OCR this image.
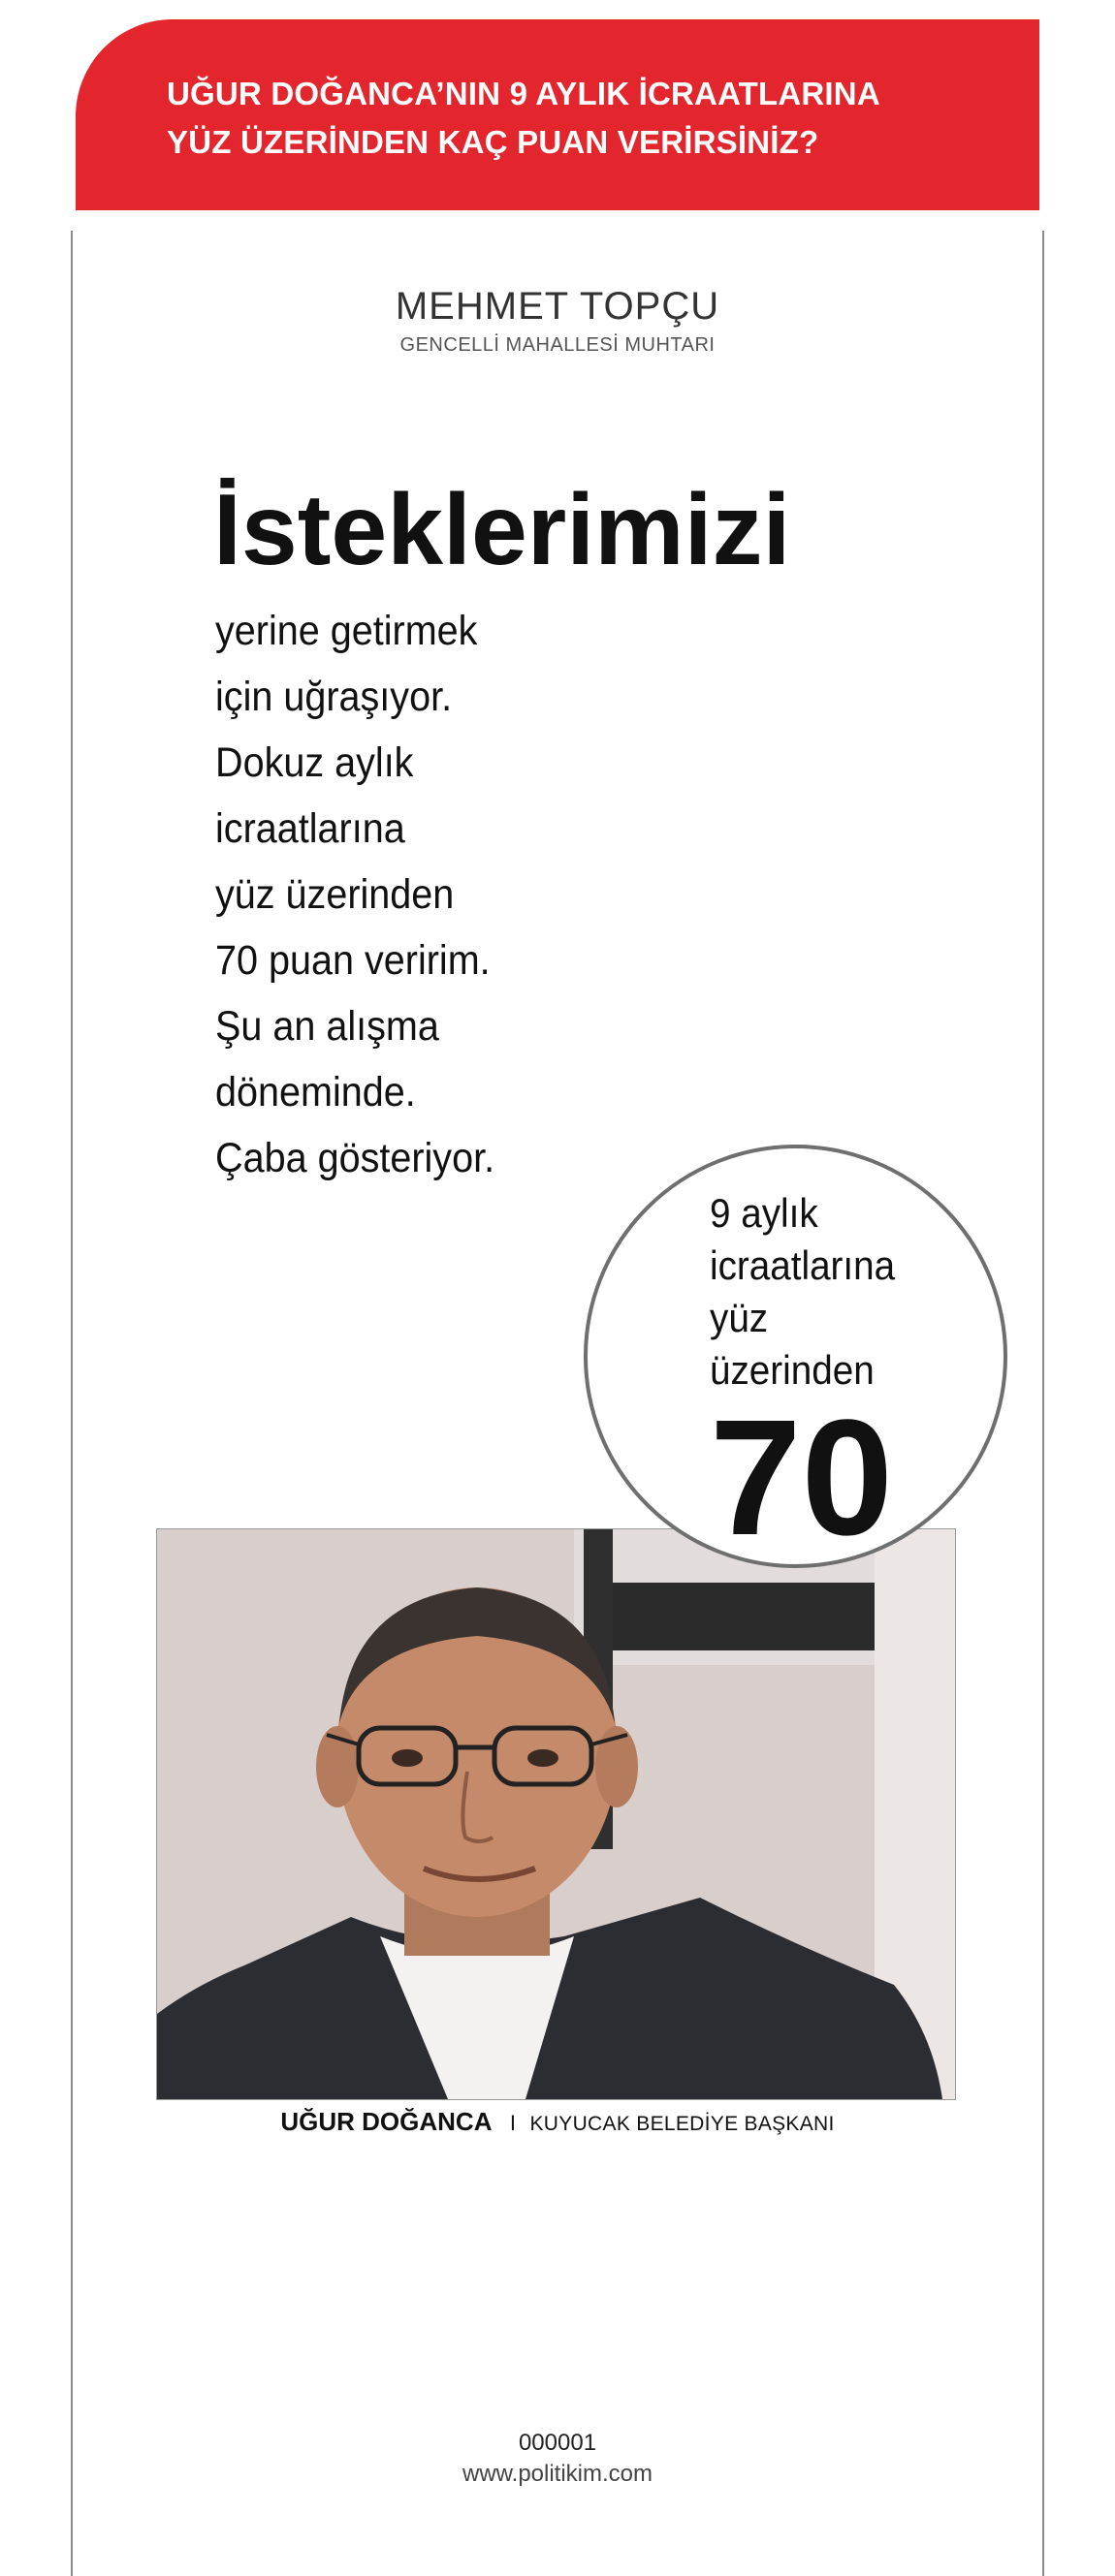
UĞUR DOĞANCA’NIN 9 AYLIK İCRAATLARINA
YÜZ ÜZERİNDEN KAÇ PUAN VERİRSİNİZ?
MEHMET TOPÇU
GENCELLİ MAHALLESİ MUHTARI
İsteklerimizi
yerine getirmek
için uğraşıyor.
Dokuz aylık
icraatlarına
yüz üzerinden
70 puan veririm.
Şu an alışma
döneminde.
Çaba gösteriyor.
9 aylık
icraatlarına
yüz
üzerinden
70
UĞUR DOĞANCA I KUYUCAK BELEDİYE BAŞKANI
000001
www.politikim.com
